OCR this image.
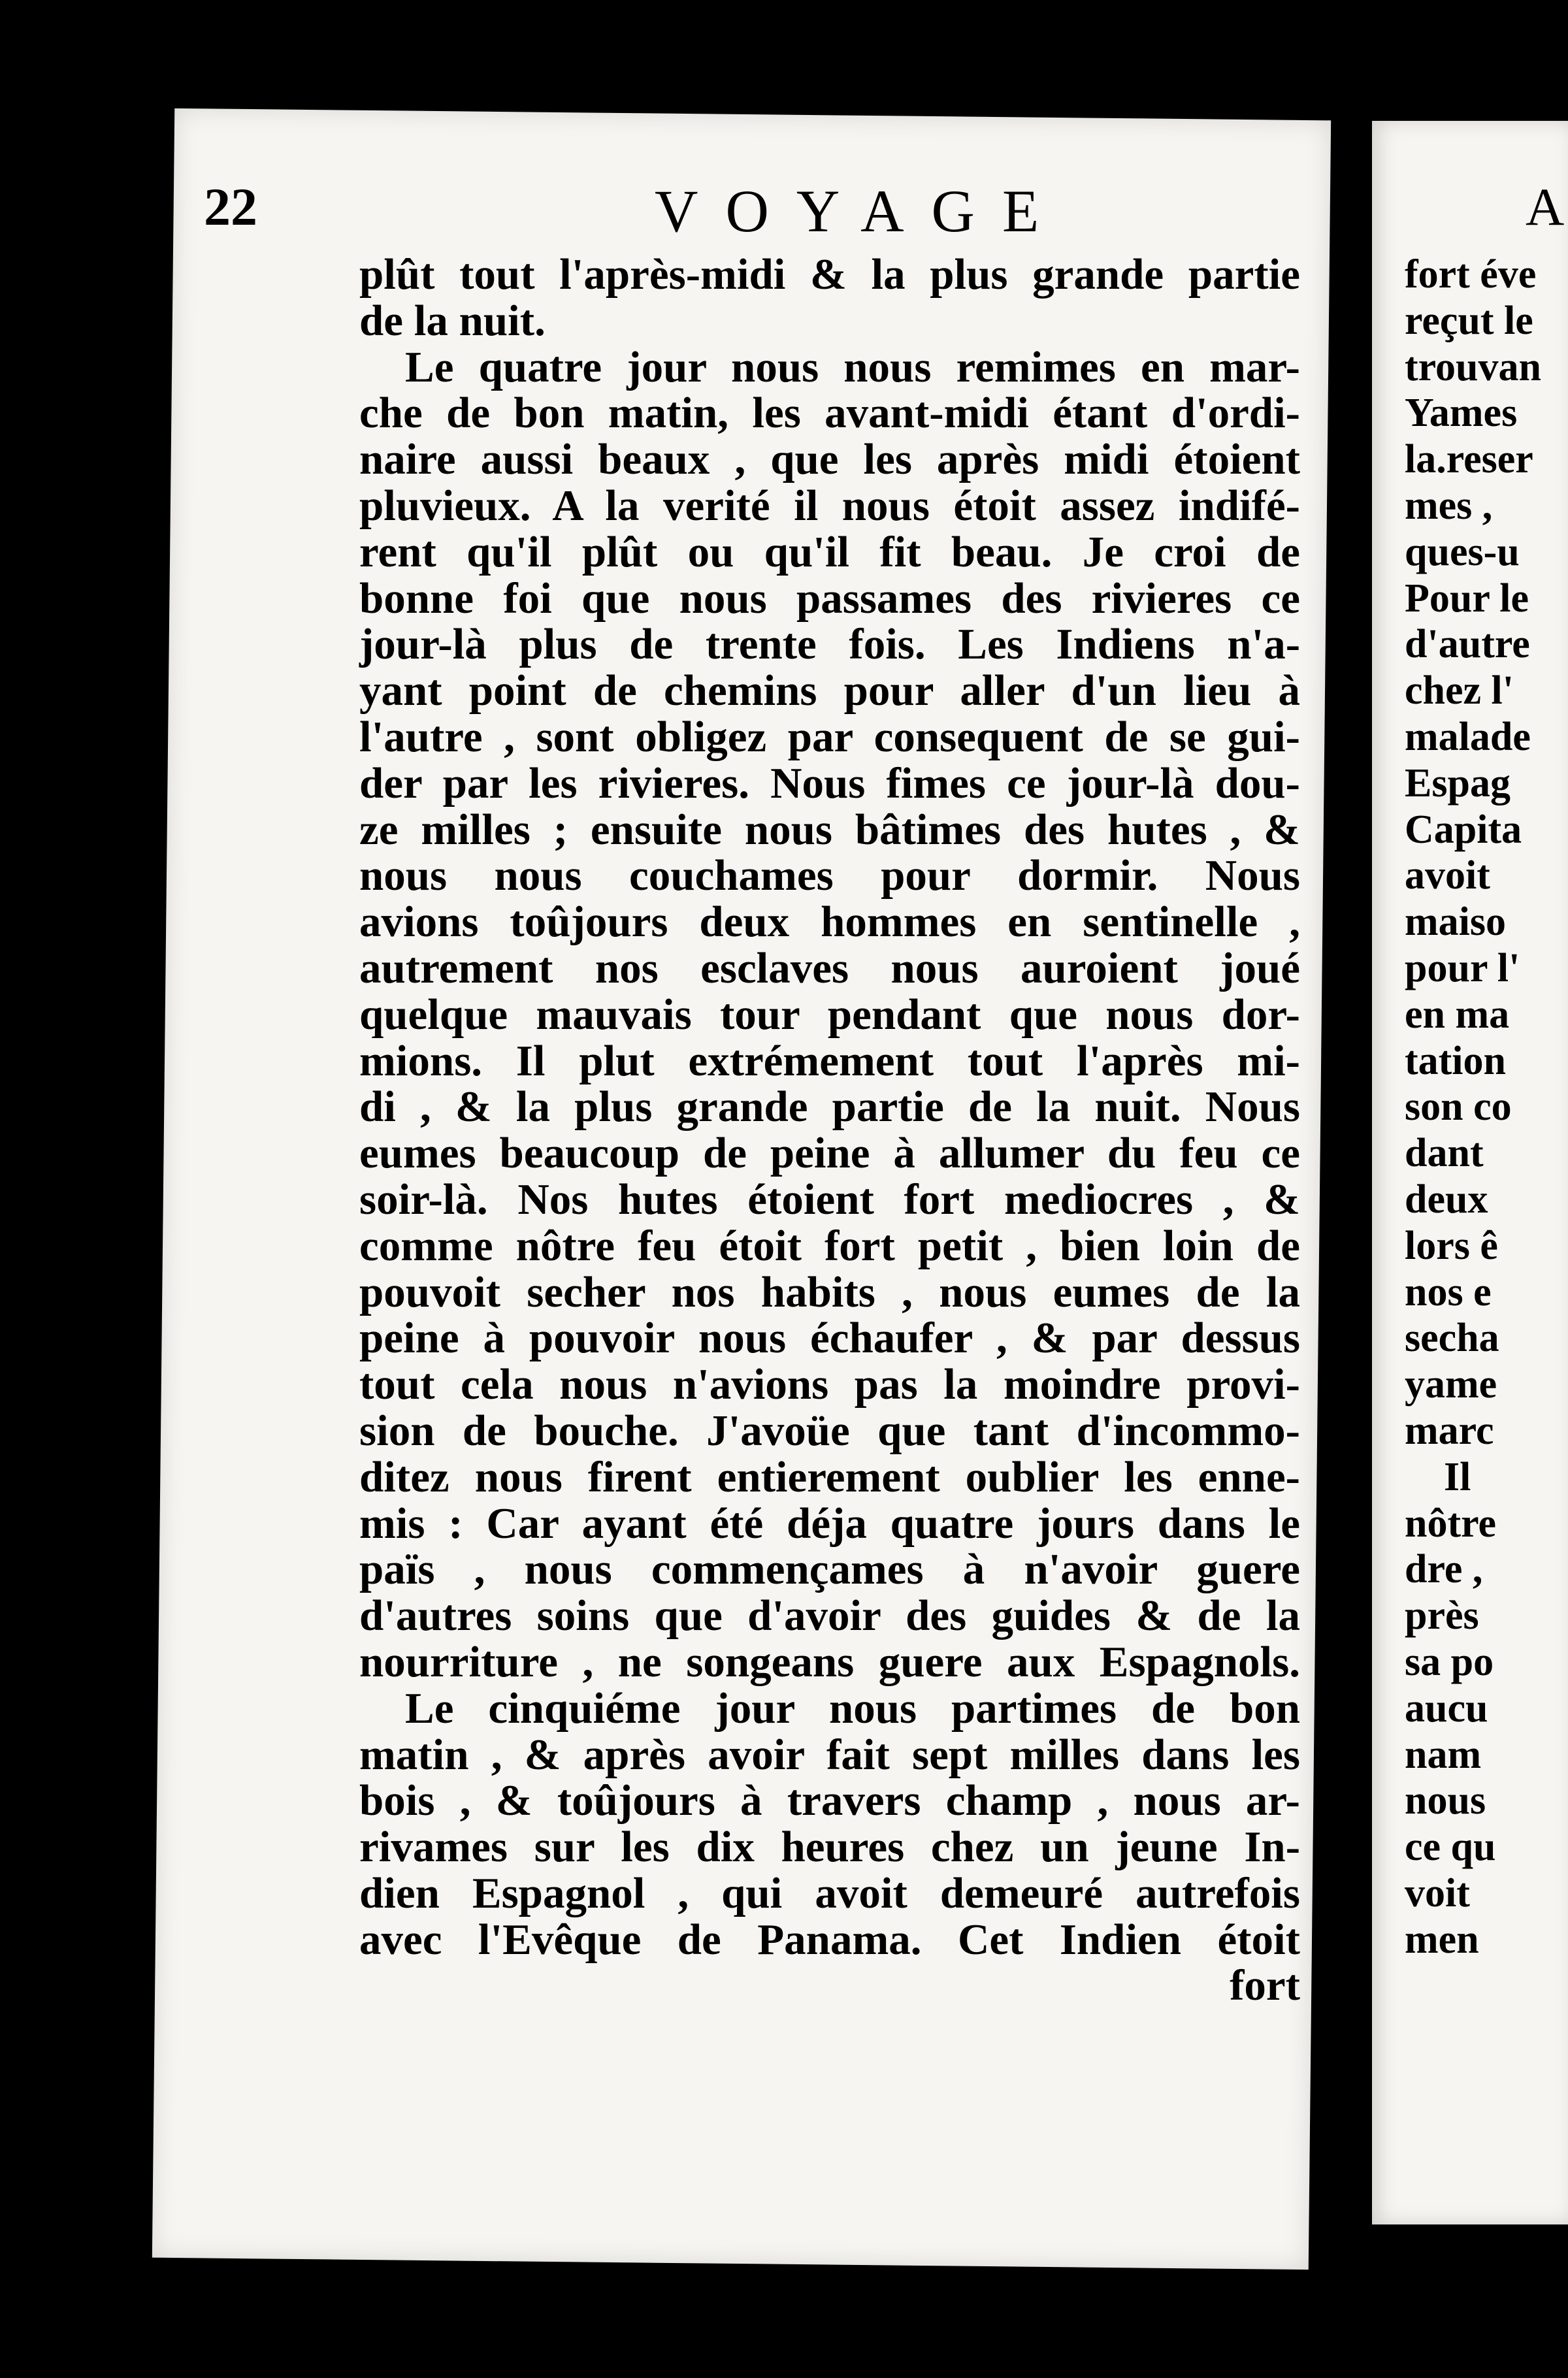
22	VOYAGE	A
plût tout l'après-midi & la plus grande partie
de la nuit.
Le quatre jour nous nous remimes en mar-
che de bon matin, les avant-midi étant d'ordi-
naire aussi beaux , que les après midi étoient
pluvieux. A la verité il nous étoit assez indifé-
rent qu'il plût ou qu'il fit beau. Je croi de
bonne foi que nous passames des rivieres ce
jour-là plus de trente fois. Les Indiens n'a-
yant point de chemins pour aller d'un lieu à
l'autre , sont obligez par consequent de se gui-
der par les rivieres. Nous fimes ce jour-là dou-
ze milles ; ensuite nous bâtimes des hutes , &
nous nous couchames pour dormir. Nous
avions toûjours deux hommes en sentinelle ,
autrement nos esclaves nous auroient joué
quelque mauvais tour pendant que nous dor-
mions. Il plut extrémement tout l'après mi-
di , & la plus grande partie de la nuit. Nous
eumes beaucoup de peine à allumer du feu ce
soir-là. Nos hutes étoient fort mediocres , &
comme nôtre feu étoit fort petit , bien loin de
pouvoit secher nos habits , nous eumes de la
peine à pouvoir nous échaufer , & par dessus
tout cela nous n'avions pas la moindre provi-
sion de bouche. J'avoüe que tant d'incommo-
ditez nous firent entierement oublier les enne-
mis : Car ayant été déja quatre jours dans le
païs , nous commençames à n'avoir guere
d'autres soins que d'avoir des guides & de la
nourriture , ne songeans guere aux Espagnols.
Le cinquiéme jour nous partimes de bon
matin , & après avoir fait sept milles dans les
bois , & toûjours à travers champ , nous ar-
rivames sur les dix heures chez un jeune In-
dien Espagnol , qui avoit demeuré autrefois
avec l'Evêque de Panama. Cet Indien étoit
fort
fort éve
reçut le
trouvan
Yames
la.reser
mes ,
ques-u
Pour le
d'autre
chez l'
malade
Espag
Capita
avoit
maiso
pour l'
en ma
tation
son co
dant
deux
lors ê
nos e
secha
yame
marc
Il
nôtre
dre ,
près
sa po
aucu
nam
nous
ce qu
voit
men
